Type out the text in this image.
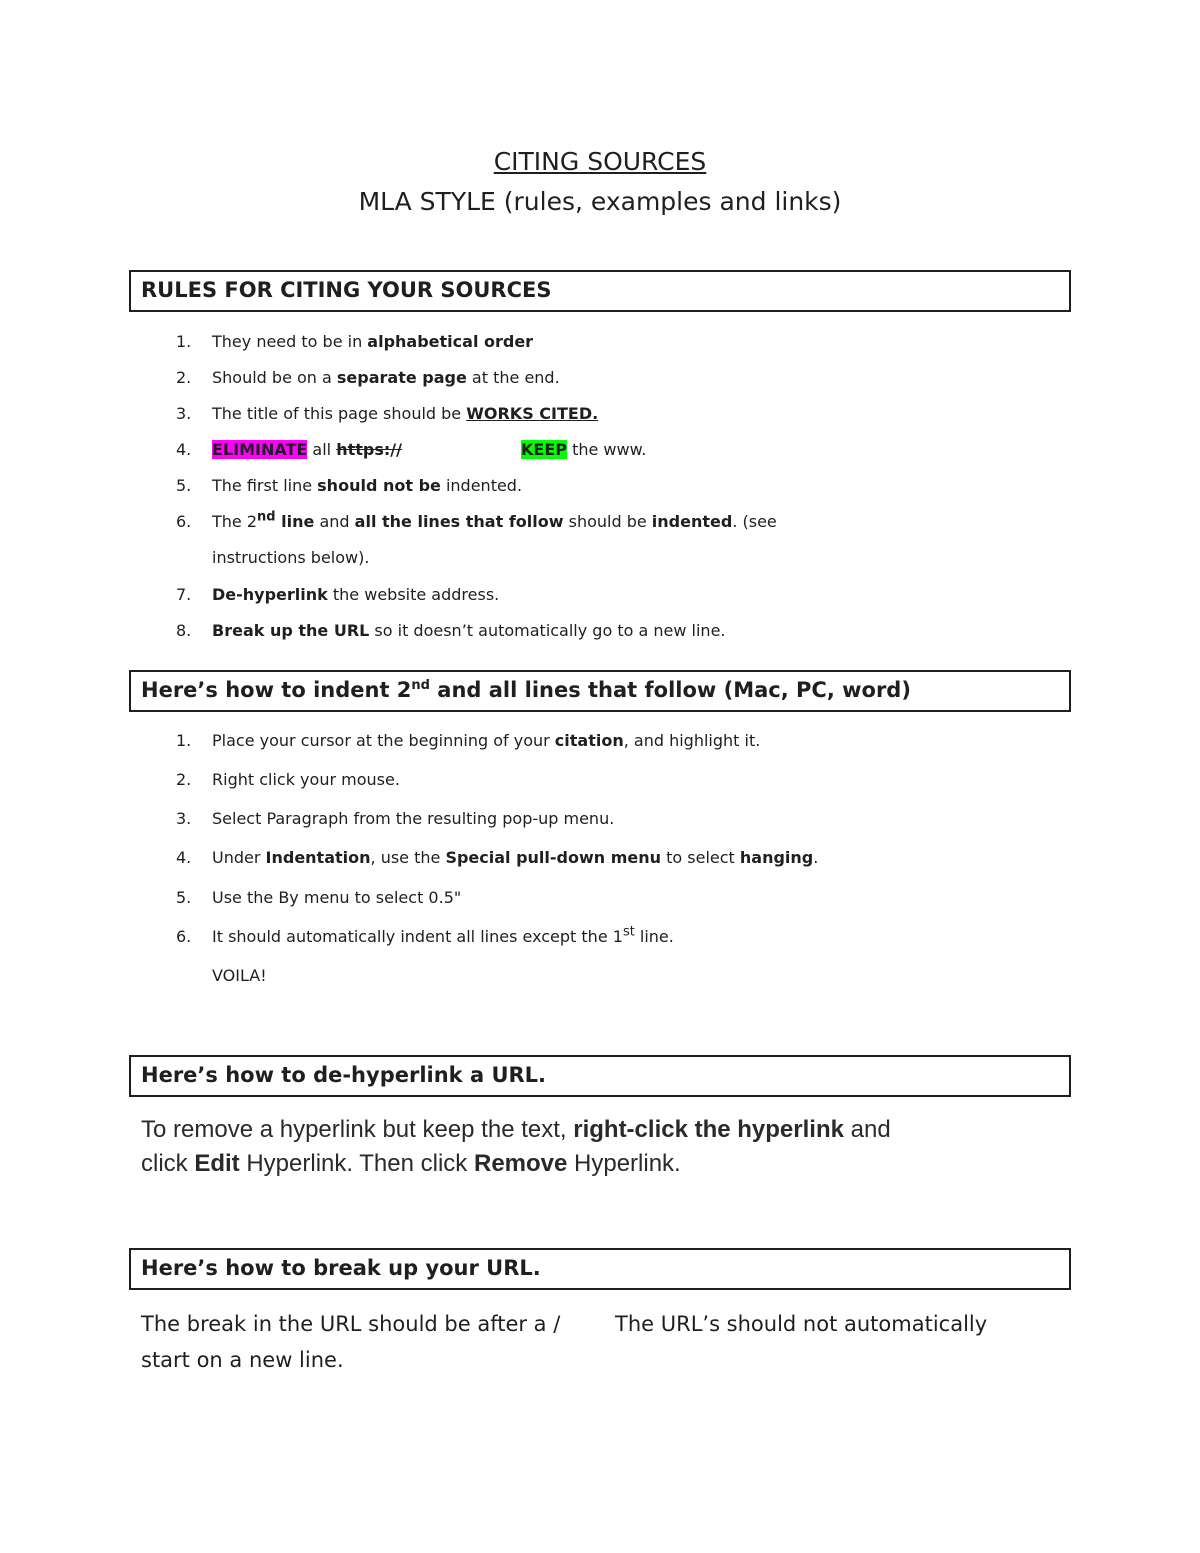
CITING SOURCES
MLA STYLE (rules, examples and links)
RULES FOR CITING YOUR SOURCES
1.	They need to be in alphabetical order
2.	Should be on a separate page at the end.
3.	The title of this page should be WORKS CITED.
4.	ELIMINATE all https://	KEEP the www.
5.	The first line should not be indented.
6.	The 2nd line and all the lines that follow should be indented. (see
instructions below).
7.	De-hyperlink the website address.
8.	Break up the URL so it doesn’t automatically go to a new line.
Here’s how to indent 2nd and all lines that follow (Mac, PC, word)
1.	Place your cursor at the beginning of your citation, and highlight it.
2.	Right click your mouse.
3.	Select Paragraph from the resulting pop-up menu.
4.	Under Indentation, use the Special pull-down menu to select hanging.
5.	Use the By menu to select 0.5"
6.	It should automatically indent all lines except the 1st line.
VOILA!
Here’s how to de-hyperlink a URL.
To remove a hyperlink but keep the text, right-click the hyperlink and
click Edit Hyperlink. Then click Remove Hyperlink.
Here’s how to break up your URL.
The break in the URL should be after a /	The URL’s should not automatically
start on a new line.
